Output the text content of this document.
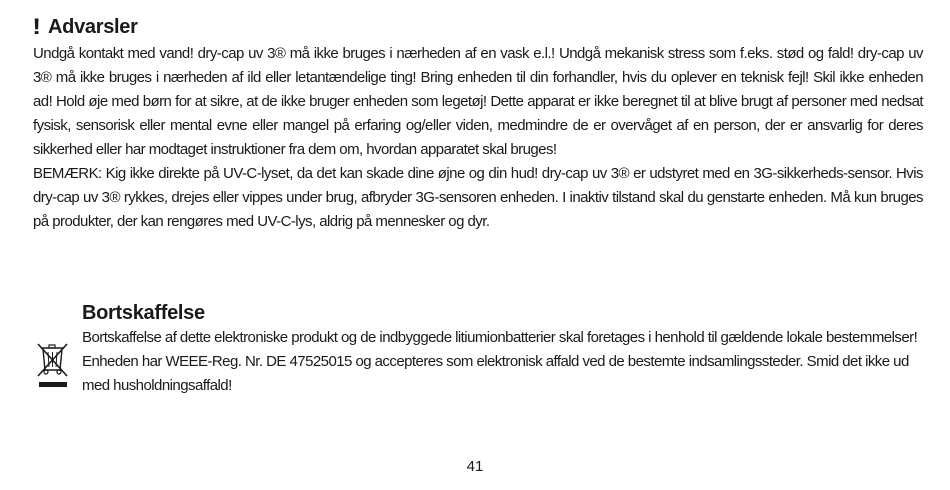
! Advarsler

Undgå kontakt med vand! dry-cap uv 3® må ikke bruges i nærheden af en vask e.l.! Undgå mekanisk stress som f.eks. stød og fald! dry-cap uv 3® må ikke bruges i nærheden af ild eller letantændelige ting! Bring enheden til din forhandler, hvis du oplever en teknisk fejl! Skil ikke enheden ad! Hold øje med børn for at sikre, at de ikke bruger enheden som legetøj! Dette apparat er ikke beregnet til at blive brugt af personer med nedsat fysisk, sensorisk eller mental evne eller mangel på erfaring og/eller viden, medmindre de er overvåget af en person, der er ansvarlig for deres sikkerhed eller har modtaget instruktioner fra dem om, hvordan apparatet skal bruges!

BEMÆRK: Kig ikke direkte på UV-C-lyset, da det kan skade dine øjne og din hud! dry-cap uv 3® er udstyret med en 3G-sikkerheds-sensor. Hvis dry-cap uv 3® rykkes, drejes eller vippes under brug, afbryder 3G-sensoren enheden. I inaktiv tilstand skal du genstarte enheden. Må kun bruges på produkter, der kan rengøres med UV-C-lys, aldrig på mennesker og dyr.

Bortskaffelse

Bortskaffelse af dette elektroniske produkt og de indbyggede litiumionbatterier skal foretages i henhold til gældende lokale bestemmelser! Enheden har WEEE-Reg. Nr. DE 47525015 og accepteres som elektronisk affald ved de bestemte indsamlingssteder. Smid det ikke ud med husholdningsaffald!

41
